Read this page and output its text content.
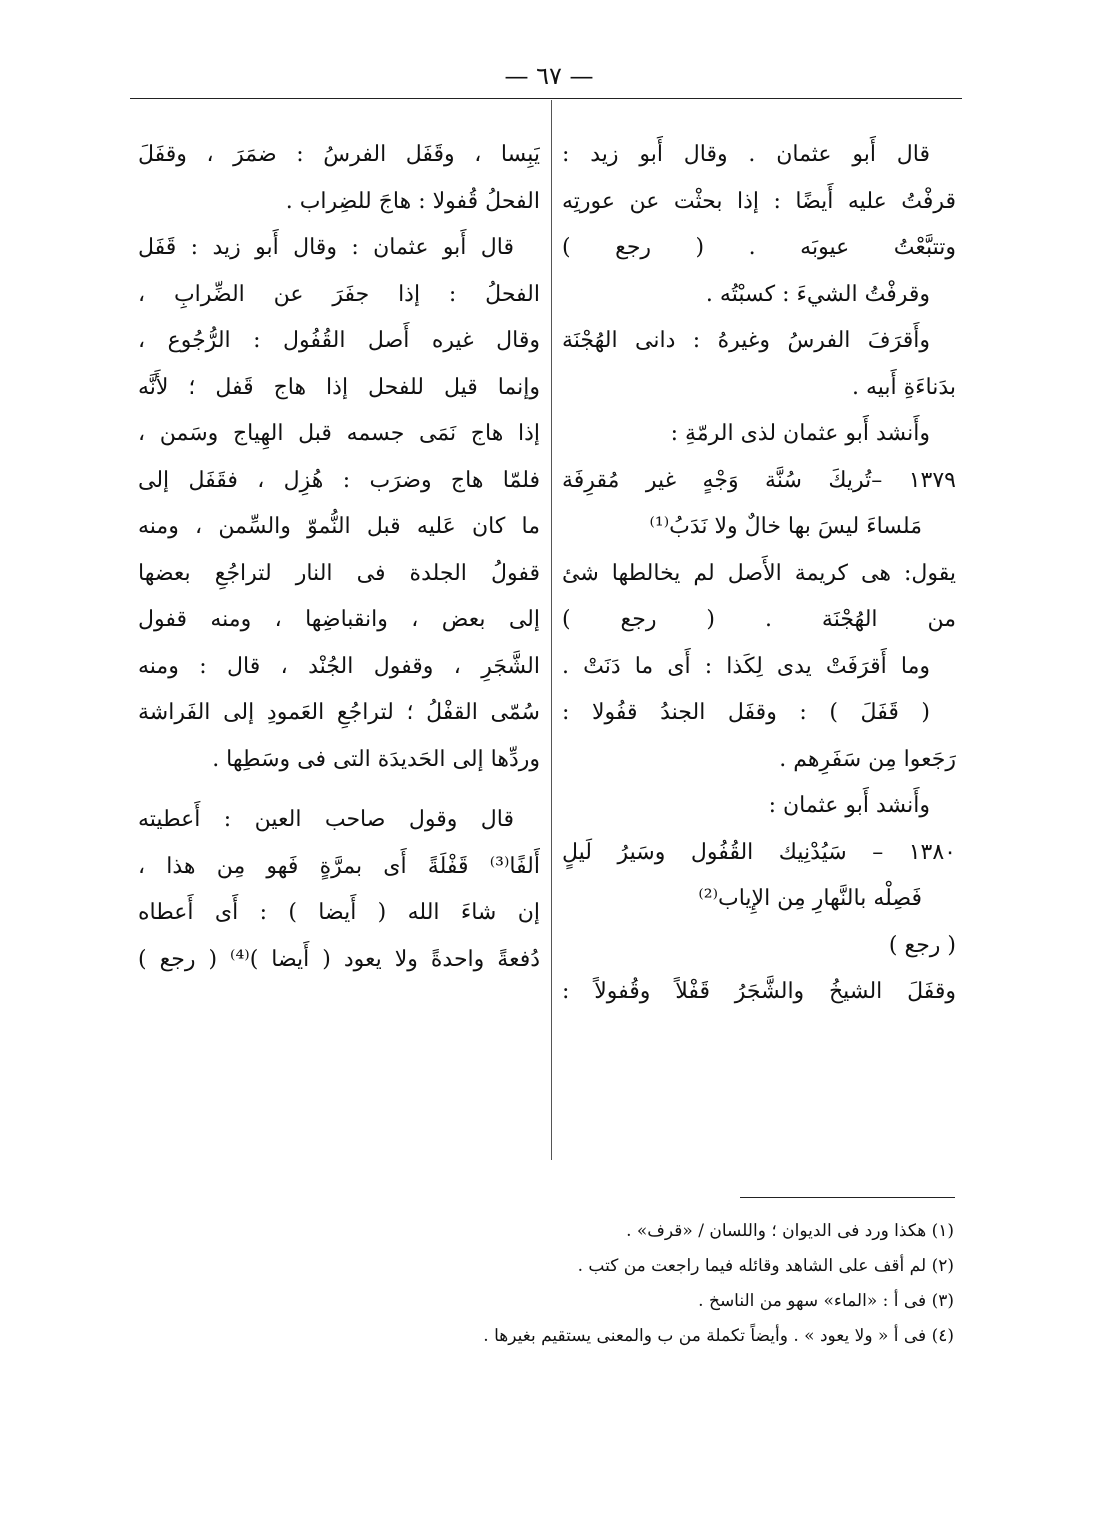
— ٦٧ —
قال أَبو عثمان . وقال أَبو زيد :
قرفْتُ عليه أَيضًا : إذا بحثْت عن عورتِه
وتتبَّعْتُ عيوبَه . ( رجع )
وقرفْتُ الشيءَ : كسبْتُه .
وأَقرَفَ الفرسُ وغيرهُ : دانى الهُجْنَة
بدَناءَةِ أَبيه .
وأَنشد أَبو عثمان لذى الرمّةِ :
١٣٧٩ –تُريكَ سُنَّة وَجْهٍ غير مُقرِفَة
مَلساءَ ليسَ بها خالٌ ولا نَدَبُ⁽¹⁾
يقول: هى كريمة الأَصل لم يخالطها شئ
من الهُجْنَة . ( رجع )
وما أَقرَفَتْ يدى لِكَذا : أَى ما دَنَتْ .
( قَفَلَ ) : وقفَل الجندُ قفُولا :
رَجَعوا مِن سَفَرِهم .
وأَنشد أَبو عثمان :
١٣٨٠ – سَيُدْنِيك القُفُول وسَيرُ لَيلٍ
فَصِلْه بالنَّهارِ مِن الإِياب⁽²⁾
( رجع )
وقفَلَ الشيخُ والشَّجَرُ قَفْلاً وقُفولاً :
يَبِسا ، وقَفَل الفرسُ : ضمَرَ ، وقفَلَ
الفحلُ قُفولا : هاجَ للضِراب .
قال أَبو عثمان : وقال أَبو زيد : قَفَل
الفحلُ : إذا جفَرَ عن الضِّرابِ ،
وقال غيره أَصل القُفُول : الرُّجُوع ،
وإنما قيل للفحل إذا هاج قَفل ؛ لأَنَّه
إذا هاج نَمَى جسمه قبل الهِياج وسَمن ،
فلمّا هاج وضرَب : هُزِل ، فقَفَل إلى
ما كان عَليه قبل النُّموّ والسِّمن ، ومنه
قفولُ الجلدة فى النار لتراجُعِ بعضها
إلى بعض ، وانقباضِها ، ومنه قفول
الشَّجَرِ ، وقفول الجُنْد ، قال : ومنه
سُمّى القفْلُ ؛ لتراجُعِ العَمودِ إلى الفَراشة
وردِّها إلى الحَديدَة التى فى وسَطِها .
قال وقول صاحب العين : أَعطيته
أَلفًا⁽³⁾ قَفْلَةً أَى بمرَّةٍ فَهو مِن هذا ،
إن شاءَ الله ( أَيضا ) : أَى أَعطاه
دُفعةً واحدةً ولا يعود ( أَيضا )⁽⁴⁾ ( رجع )
(١) هكذا ورد فى الديوان ؛ واللسان / «قرف» .
(٢) لم أقف على الشاهد وقائله فيما راجعت من كتب .
(٣) فى أ : «الماء» سهو من الناسخ .
(٤) فى أ « ولا يعود » . وأيضاً تكملة من ب والمعنى يستقيم بغيرها .
